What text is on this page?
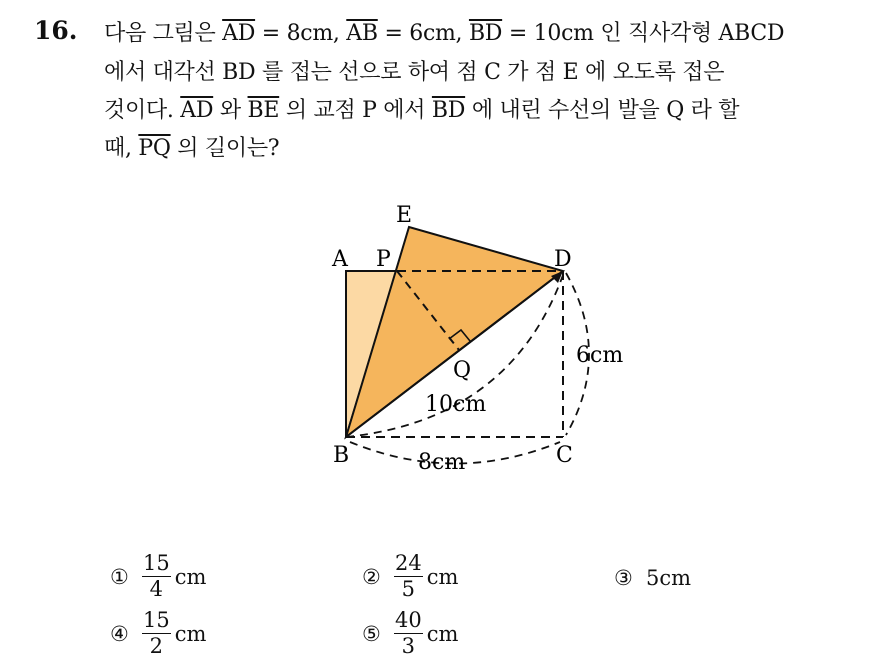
16. 다음 그림은 $\overline{AD} = 8cm$, $\overline{AB} = 6cm$, $\overline{BD} = 10cm$ 인 직사각형 ABCD
에서 대각선 BD 를 접는 선으로 하여 점 C 가 점 E 에 오도록 접은
것이다. $\overline{AD}$ 와 $\overline{BE}$ 의 교점 P 에서 $\overline{BD}$ 에 내린 수선의 발을 Q 라 할
때, $\overline{PQ}$ 의 길이는?
E
A P	D
Q
B	C
10cm
6cm
8cm
① $\frac{15}{4}$ cm	② $\frac{24}{5}$ cm	③ 5cm
④ $\frac{15}{2}$ cm	⑤ $\frac{40}{3}$ cm
